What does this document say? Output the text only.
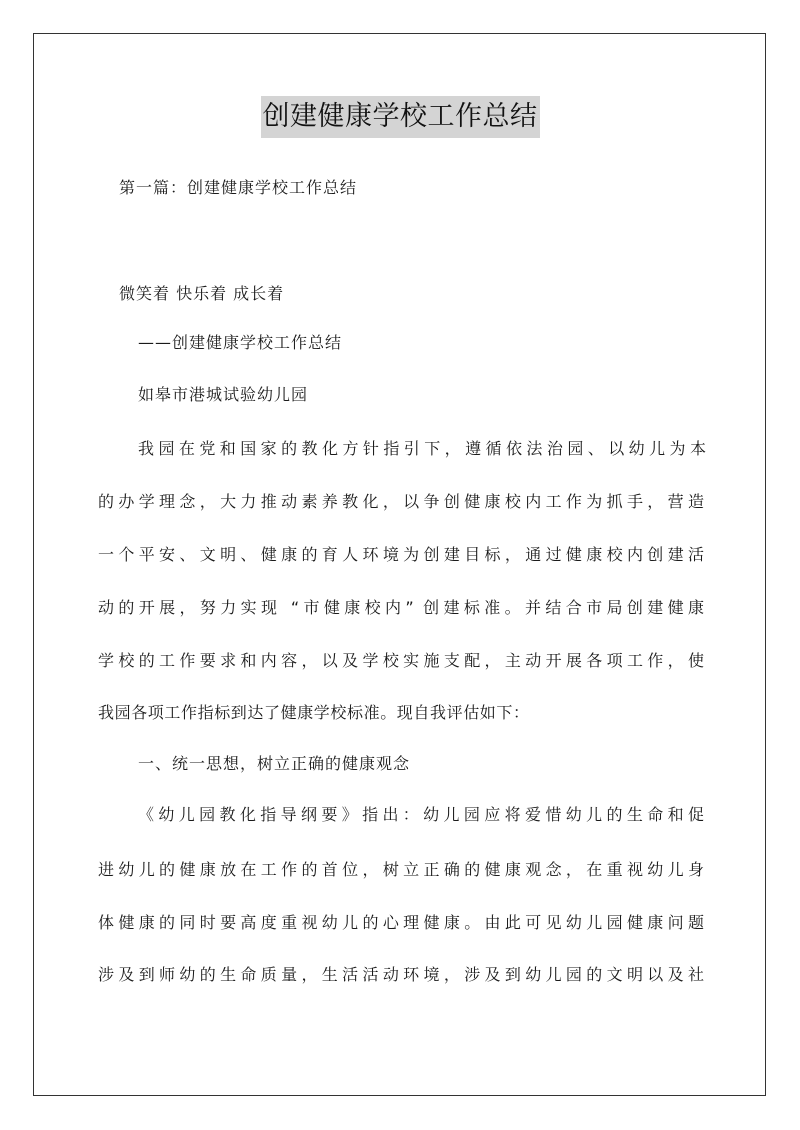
创建健康学校工作总结
第一篇：创建健康学校工作总结
微笑着 快乐着 成长着
——创建健康学校工作总结
如皋市港城试验幼儿园
我园在党和国家的教化方针指引下，遵循依法治园、以幼儿为本
的办学理念，大力推动素养教化，以争创健康校内工作为抓手，营造
一个平安、文明、健康的育人环境为创建目标，通过健康校内创建活
动的开展，努力实现 “市健康校内” 创建标准。并结合市局创建健康
学校的工作要求和内容，以及学校实施支配，主动开展各项工作，使
我园各项工作指标到达了健康学校标准。现自我评估如下：
一、统一思想，树立正确的健康观念
《幼儿园教化指导纲要》指出：幼儿园应将爱惜幼儿的生命和促
进幼儿的健康放在工作的首位，树立正确的健康观念，在重视幼儿身
体健康的同时要高度重视幼儿的心理健康。由此可见幼儿园健康问题
涉及到师幼的生命质量，生活活动环境，涉及到幼儿园的文明以及社
